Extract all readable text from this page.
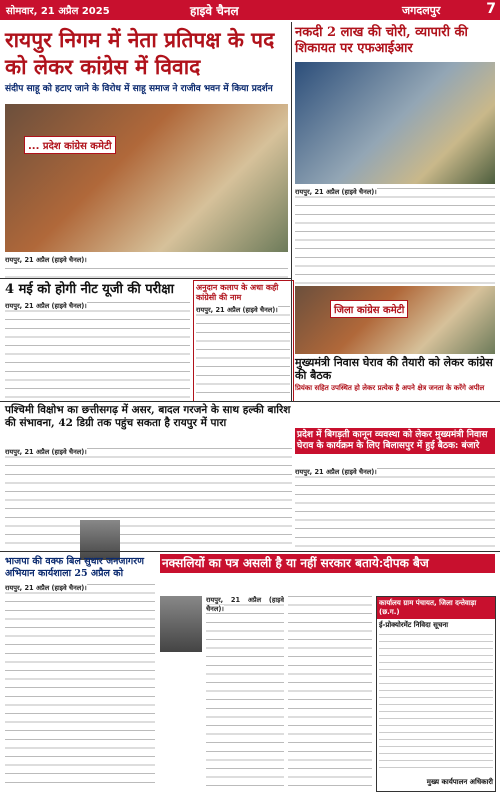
सोमवार, 21 अप्रैल 2025	हाइवे चैनल	जगदलपुर	7
रायपुर निगम में नेता प्रतिपक्ष के पद को लेकर कांग्रेस में विवाद
संदीप साहू को हटाए जाने के विरोध में साहू समाज ने राजीव भवन में किया प्रदर्शन
... प्रदेश कांग्रेस कमेटी
रायपुर, 21 अप्रैल (हाइवे चैनल)।
नकदी 2 लाख की चोरी, व्यापारी की शिकायत पर एफआईआर
रायपुर, 21 अप्रैल (हाइवे चैनल)।
4 मई को होगी नीट यूजी की परीक्षा
रायपुर, 21 अप्रैल (हाइवे चैनल)।
अनुदान कलाप के अधा कही कांग्रेसी की नाम
रायपुर, 21 अप्रैल (हाइवे चैनल)।	जिला कांग्रेस कमेटी
मुख्यमंत्री निवास घेराव की तैयारी को लेकर कांग्रेस की बैठक
प्रियंका सहित उपस्थित हो लेकर प्रत्येक है अपने क्षेत्र जनता के करेंगे अपील
पश्चिमी विक्षोभ का छत्तीसगढ़ में असर, बादल गरजने के साथ हल्की बारिश की संभावना, 42 डिग्री तक पहुंच सकता है रायपुर में पारा
रायपुर, 21 अप्रैल (हाइवे चैनल)।
प्रदेश में बिगड़ती कानून व्यवस्था को लेकर मुख्यमंत्री निवास घेराव के कार्यक्रम के लिए बिलासपुर में हुई बैठक: बंजारे
रायपुर, 21 अप्रैल (हाइवे चैनल)।
भाजपा की वक्फ बिल सुधार जनजागरण अभियान कार्यशाला 25 अप्रैल को
रायपुर, 21 अप्रैल (हाइवे चैनल)।
नक्सलियों का पत्र असली है या नहीं सरकार बताये:दीपक बैज
रायपुर, 21 अप्रैल (हाइवे चैनल)।
कार्यालय ग्राम पंचायत, जिला दन्तेवाड़ा (छ.ग.)
ई-प्रोक्योरमेंट निविदा सूचना
मुख्य कार्यपालन अधिकारी
